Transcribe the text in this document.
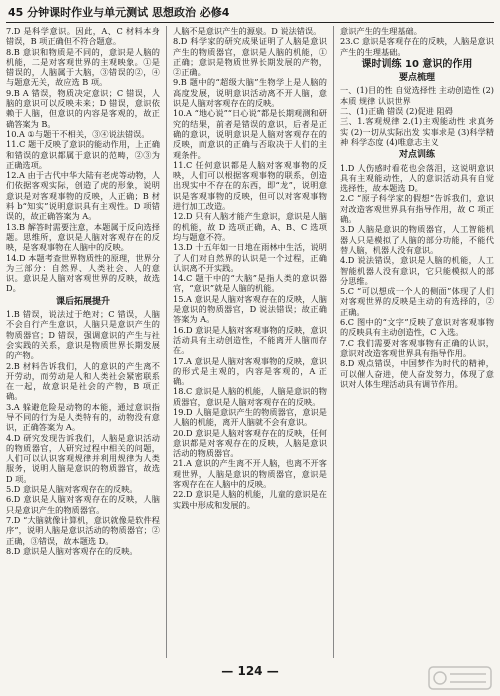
45 分钟课时作业与单元测试 思想政治 必修4

7.D 是科学意识。因此，A、C 材料本身错误，B 项正确但不符合题意。

8.B 意识和物质是不同的，意识是人脑的机能，二是对客观世界的主观映象。①是错误的，人脑属于大脑，③错误的②，④与题意无关，故应选 B 项。

9.B A 错误，物质决定意识；C 错误，人脑的意识可以反映未来；D 错误，意识依赖于人脑，但意识的内容是客观的，故正确答案为 B。

10.A ①与题干不相关，③④说法错误。

11.C 题干反映了意识的能动作用，上正确和错误的意识都属于意识的范畴，②③为正确选项。

12.A 由于古代中华大陆有老虎等动物，人们依据客观实际，创造了虎的形象，说明意识是对客观事物的反映，人正确；B 材料 b“知实”说明意识具有主观性。D 项错误的，故正确答案为 A。

13.B 解答时需要注意，本题属于反向选择题。思维所，意识是人脑对客观存在的反映，是客观事物在人脑中的反映。

14.D 本题考查世界物质性的原理，世界分为三部分：自然界、人类社会、人的意识。意识是人脑对客观世界的反映，故选 D。

课后拓展提升

1.B 错误，说法过于绝对；C 错误，人脑不会自行产生意识，人脑只是意识产生的物质器官；D 错误，强调意识的产生与社会实践的关系，意识是物质世界长期发展的产物。

2.B 材料告诉我们，人的意识的产生离不开劳动，而劳动是人和人类社会紧密联系在一起，故意识是社会的产物，B 项正确。

3.A 躲避危险是动物的本能，通过意识指导不同的行为是人类特有的，动物没有意识，正确答案为 A。

4.D 研究发现告诉我们，人脑是意识活动的物质器官，人研究过程中相关的问题，人们可以认识客观规律并利用规律为人类服务，说明人脑是意识的物质器官，故选 D 项。

5.D 意识是人脑对客观存在的反映。

6.D 意识是人脑对客观存在的反映，人脑只是意识产生的物质器官。

7.D “大脑就像计算机，意识就像是软件程序”，说明人脑是意识活动的物质器官；②正确，③错误，故本题选 D。

8.D 意识是人脑对客观存在的反映。

人脑不是意识产生的源泉。D 说法错误。

8.D 科学家的研究成果证明了人脑是意识产生的物质器官，意识是人脑的机能，①正确；意识是物质世界长期发展的产物，②正确。

9.B 题中的“超级大脑”生物学上是人脑的高度发展，说明意识活动离不开人脑，意识是人脑对客观存在的反映。

10.A “地心说”“日心说”都是长期观测和研究的结果，前者是错误的意识，后者是正确的意识，说明意识是人脑对客观存在的反映，而意识的正确与否取决于人们的主观条件。

11.C 任何意识都是人脑对客观事物的反映，人们可以根据客观事物的联系，创造出现实中不存在的东西，即“龙”，说明意识是客观事物的反映，但可以对客观事物进行加工改造。

12.D 只有人脑才能产生意识，意识是人脑的机能，故 D 选项正确，A、B、C 选项均与题意不符。

13.D 十五年如一日地在雨林中生活，说明了人们对自然界的认识是一个过程，正确认识离不开实践。

14.C 题干中的“大脑”是指人类的意识器官，“意识”就是人脑的机能。

15.A 意识是人脑对客观存在的反映，人脑是意识的物质器官，D 说法错误；故正确答案为 A。

16.D 意识是人脑对客观事物的反映，意识活动具有主动创造性，不能离开人脑而存在。

17.A 意识是人脑对客观事物的反映，意识的形式是主观的，内容是客观的，A 正确。

18.C 意识是人脑的机能，人脑是意识的物质器官，意识是人脑对客观存在的反映。

19.D 人脑是意识产生的物质器官，意识是人脑的机能，离开人脑就不会有意识。

20.D 意识是人脑对客观存在的反映，任何意识都是对客观存在的反映，人脑是意识活动的物质器官。

21.A 意识的产生离不开人脑，也离不开客观世界，人脑是意识的物质器官，意识是客观存在在人脑中的反映。

22.D 意识是人脑的机能，儿童的意识是在实践中形成和发展的。

意识产生的生理基础。

23.C 意识是客观存在的反映，人脑是意识产生的生理基础。

课时训练 10 意识的作用
要点梳理

一、(1)目的性 自觉选择性 主动创造性 (2)本质 规律 认识世界

二、(1)正确 错误 (2)促进 阻碍

三、1.客观规律 2.(1)主观能动性 求真务实 (2)一切从实际出发 实事求是 (3)科学精神 科学态度 (4)唯意志主义

对点训练

1.D 人伤感时看花也会落泪，这说明意识具有主观能动性，人的意识活动具有自觉选择性，故本题选 D。

2.C “原子科学家的假想”告诉我们，意识对改造客观世界具有指导作用，故 C 项正确。

3.D 人脑是意识的物质器官，人工智能机器人只是模拟了人脑的部分功能，不能代替人脑，机器人没有意识。

4.D 说法错误，意识是人脑的机能，人工智能机器人没有意识，它只能模拟人的部分思维。

5.C “可以想成一个人的侧面”体现了人们对客观世界的反映是主动的有选择的，②正确。

6.C 图中的“文字”反映了意识对客观事物的反映具有主动创造性，C 入选。

7.C 我们需要对客观事物有正确的认识，意识对改造客观世界具有指导作用。

8.D 观点错误，中国梦作为时代的精神，可以催人奋进，使人奋发努力，体现了意识对人体生理活动具有调节作用。

— 124 —
